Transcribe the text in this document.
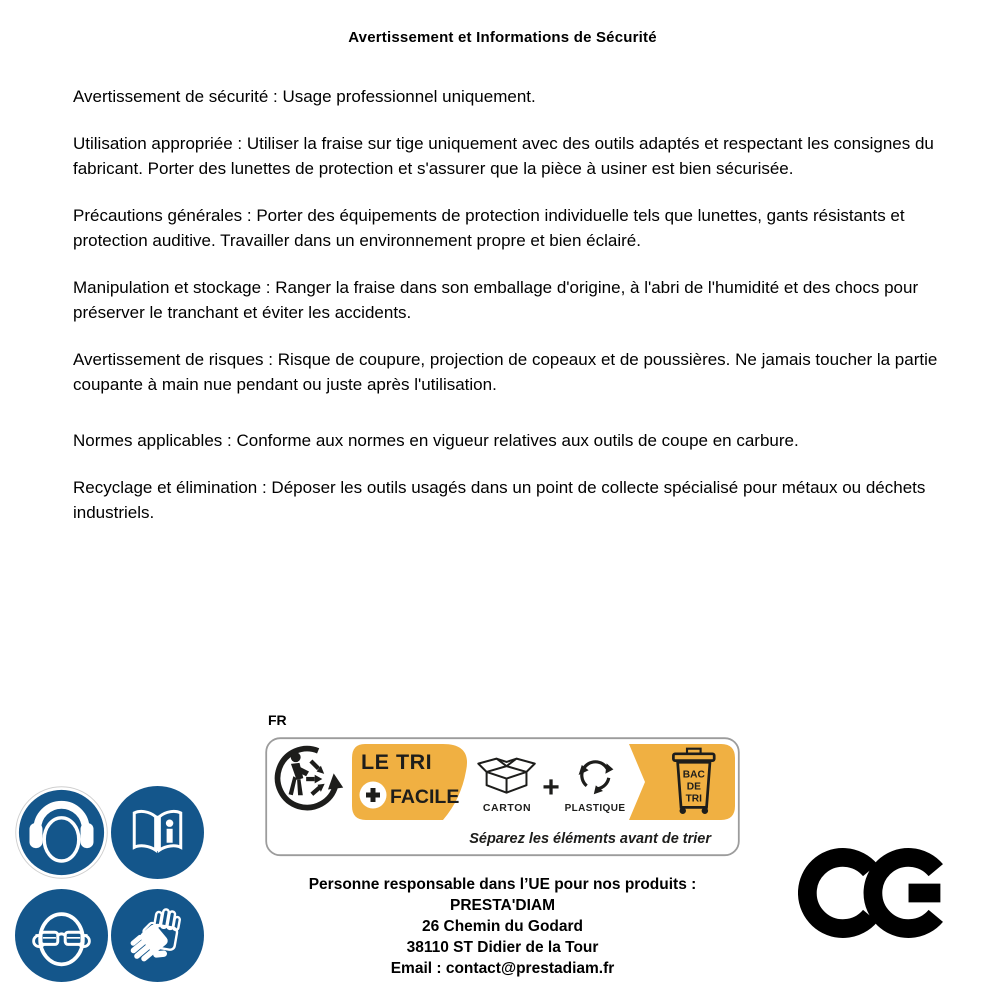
Avertissement et Informations de Sécurité

Avertissement de sécurité : Usage professionnel uniquement.

Utilisation appropriée : Utiliser la fraise sur tige uniquement avec des outils adaptés et respectant les consignes du fabricant. Porter des lunettes de protection et s'assurer que la pièce à usiner est bien sécurisée.

Précautions générales : Porter des équipements de protection individuelle tels que lunettes, gants résistants et protection auditive. Travailler dans un environnement propre et bien éclairé.

Manipulation et stockage : Ranger la fraise dans son emballage d'origine, à l'abri de l'humidité et des chocs pour préserver le tranchant et éviter les accidents.

Avertissement de risques : Risque de coupure, projection de copeaux et de poussières. Ne jamais toucher la partie coupante à main nue pendant ou juste après l'utilisation.

Normes applicables : Conforme aux normes en vigueur relatives aux outils de coupe en carbure.

Recyclage et élimination : Déposer les outils usagés dans un point de collecte spécialisé pour métaux ou déchets industriels.

FR
LE TRI
FACILE CARTON
+
PLASTIQUE
BAC
DE
TRI
Séparez les éléments avant de trier
Personne responsable dans l’UE pour nos produits :
PRESTA'DIAM
26 Chemin du Godard
38110 ST Didier de la Tour
Email : contact@prestadiam.fr
